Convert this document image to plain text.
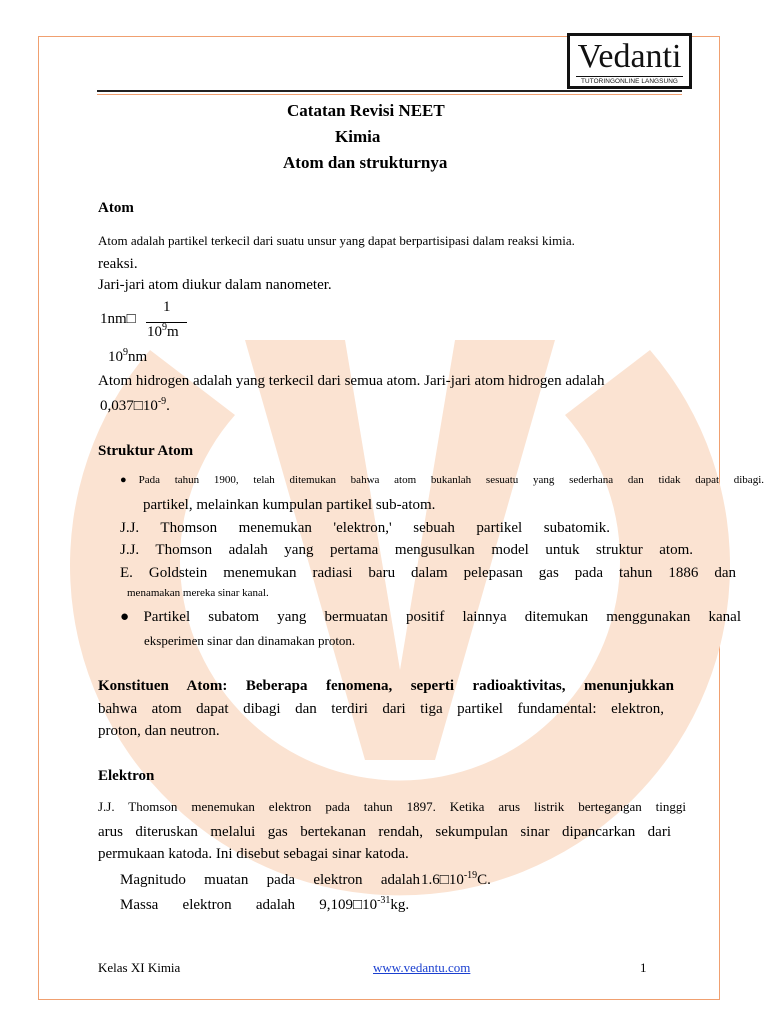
Vedanti
TUTORINGONLINE LANGSUNG
Catatan Revisi NEET
Kimia
Atom dan strukturnya
Atom
Atom adalah partikel terkecil dari suatu unsur yang dapat berpartisipasi dalam reaksi kimia.
reaksi.
Jari-jari atom diukur dalam nanometer.
1nm□
1
$10^9m$
$10^9nm$
Atom hidrogen adalah yang terkecil dari semua atom. Jari-jari atom hidrogen adalah
$0,037□10^{-9}$.
Struktur Atom
●Pada tahun 1900, telah ditemukan bahwa atom bukanlah sesuatu yang sederhana dan tidak dapat dibagi.
partikel, melainkan kumpulan partikel sub-atom.
J.J. Thomson menemukan 'elektron,' sebuah partikel subatomik.
J.J. Thomson adalah yang pertama mengusulkan model untuk struktur atom.
E. Goldstein menemukan radiasi baru dalam pelepasan gas pada tahun 1886 dan
menamakan mereka sinar kanal.
●Partikel subatom yang bermuatan positif lainnya ditemukan menggunakan kanal
eksperimen sinar dan dinamakan proton.
Konstituen Atom: Beberapa fenomena, seperti radioaktivitas, menunjukkan
bahwa atom dapat dibagi dan terdiri dari tiga partikel fundamental: elektron,
proton, dan neutron.
Elektron
J.J. Thomson menemukan elektron pada tahun 1897. Ketika arus listrik bertegangan tinggi
arus diteruskan melalui gas bertekanan rendah, sekumpulan sinar dipancarkan dari
permukaan katoda. Ini disebut sebagai sinar katoda.
Magnitudo muatan pada elektron adalah $1.6□10^{-19}C$.
Massa elektron adalah 9,109 $□10^{-31}kg$.
Kelas XI Kimia	www.vedantu.com	1
